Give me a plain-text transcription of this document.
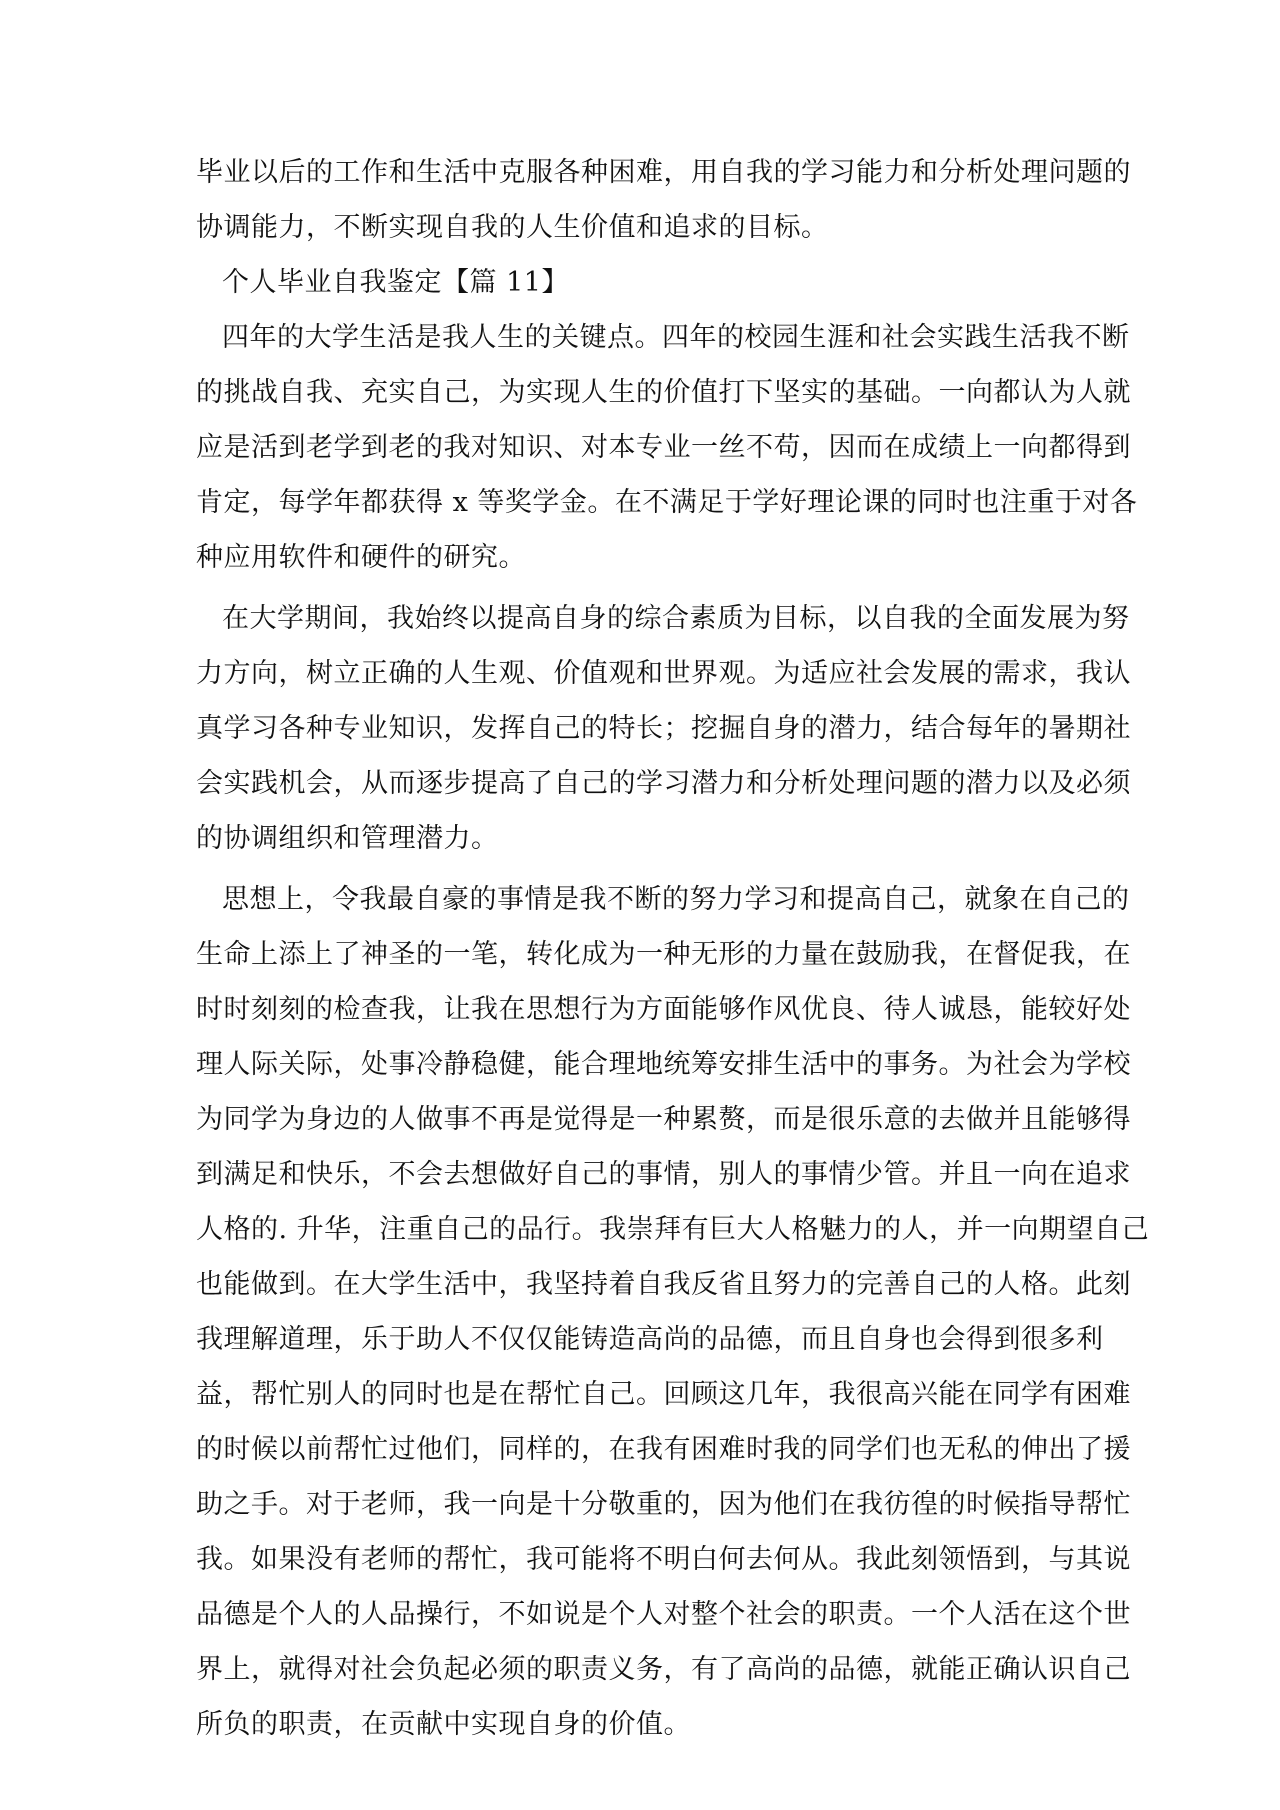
毕业以后的工作和生活中克服各种困难，用自我的学习能力和分析处理问题的
协调能力，不断实现自我的人生价值和追求的目标。
个人毕业自我鉴定【篇 11】
四年的大学生活是我人生的关键点。四年的校园生涯和社会实践生活我不断
的挑战自我、充实自己，为实现人生的价值打下坚实的基础。一向都认为人就
应是活到老学到老的我对知识、对本专业一丝不苟，因而在成绩上一向都得到
肯定，每学年都获得 x 等奖学金。在不满足于学好理论课的同时也注重于对各
种应用软件和硬件的研究。
在大学期间，我始终以提高自身的综合素质为目标，以自我的全面发展为努
力方向，树立正确的人生观、价值观和世界观。为适应社会发展的需求，我认
真学习各种专业知识，发挥自己的特长；挖掘自身的潜力，结合每年的暑期社
会实践机会，从而逐步提高了自己的学习潜力和分析处理问题的潜力以及必须
的协调组织和管理潜力。
思想上，令我最自豪的事情是我不断的努力学习和提高自己，就象在自己的
生命上添上了神圣的一笔，转化成为一种无形的力量在鼓励我，在督促我，在
时时刻刻的检查我，让我在思想行为方面能够作风优良、待人诚恳，能较好处
理人际关际，处事冷静稳健，能合理地统筹安排生活中的事务。为社会为学校
为同学为身边的人做事不再是觉得是一种累赘，而是很乐意的去做并且能够得
到满足和快乐，不会去想做好自己的事情，别人的事情少管。并且一向在追求
人格的. 升华，注重自己的品行。我崇拜有巨大人格魅力的人，并一向期望自己
也能做到。在大学生活中，我坚持着自我反省且努力的完善自己的人格。此刻
我理解道理，乐于助人不仅仅能铸造高尚的品德，而且自身也会得到很多利
益，帮忙别人的同时也是在帮忙自己。回顾这几年，我很高兴能在同学有困难
的时候以前帮忙过他们，同样的，在我有困难时我的同学们也无私的伸出了援
助之手。对于老师，我一向是十分敬重的，因为他们在我彷徨的时候指导帮忙
我。如果没有老师的帮忙，我可能将不明白何去何从。我此刻领悟到，与其说
品德是个人的人品操行，不如说是个人对整个社会的职责。一个人活在这个世
界上，就得对社会负起必须的职责义务，有了高尚的品德，就能正确认识自己
所负的职责，在贡献中实现自身的价值。
